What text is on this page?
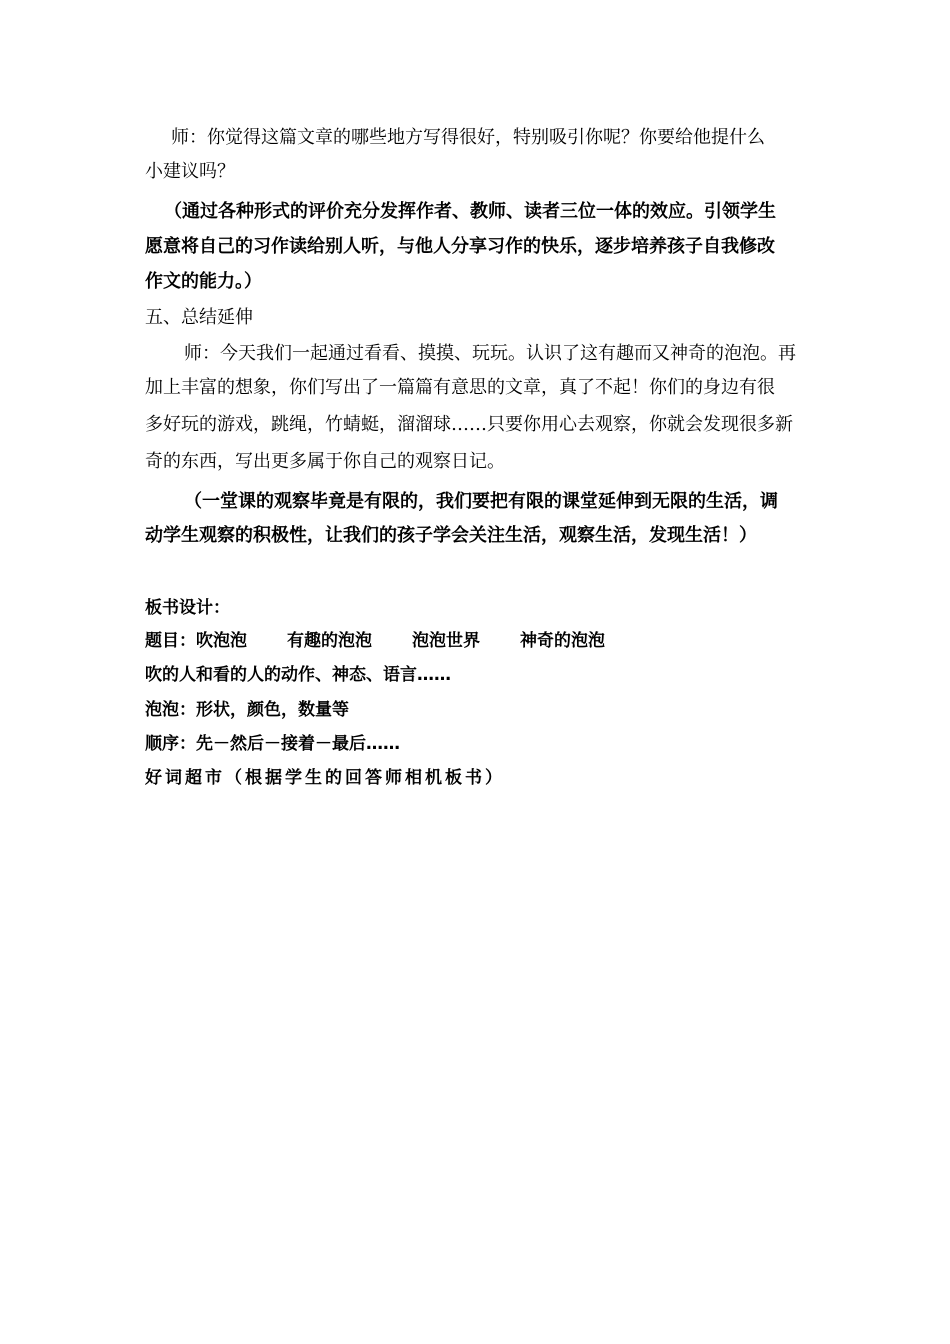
师：你觉得这篇文章的哪些地方写得很好，特别吸引你呢？你要给他提什么
小建议吗？
（通过各种形式的评价充分发挥作者、教师、读者三位一体的效应。引领学生
愿意将自己的习作读给别人听，与他人分享习作的快乐，逐步培养孩子自我修改
作文的能力。）
五、总结延伸
师：今天我们一起通过看看、摸摸、玩玩。认识了这有趣而又神奇的泡泡。再
加上丰富的想象，你们写出了一篇篇有意思的文章，真了不起！你们的身边有很
多好玩的游戏，跳绳，竹蜻蜓，溜溜球……只要你用心去观察，你就会发现很多新
奇的东西，写出更多属于你自己的观察日记。
（一堂课的观察毕竟是有限的，我们要把有限的课堂延伸到无限的生活，调
动学生观察的积极性，让我们的孩子学会关注生活，观察生活，发现生活！）
板书设计：
题目：吹泡泡 有趣的泡泡 泡泡世界 神奇的泡泡
吹的人和看的人的动作、神态、语言……
泡泡：形状，颜色，数量等
顺序：先－然后－接着－最后……
好词超市（根据学生的回答师相机板书）
